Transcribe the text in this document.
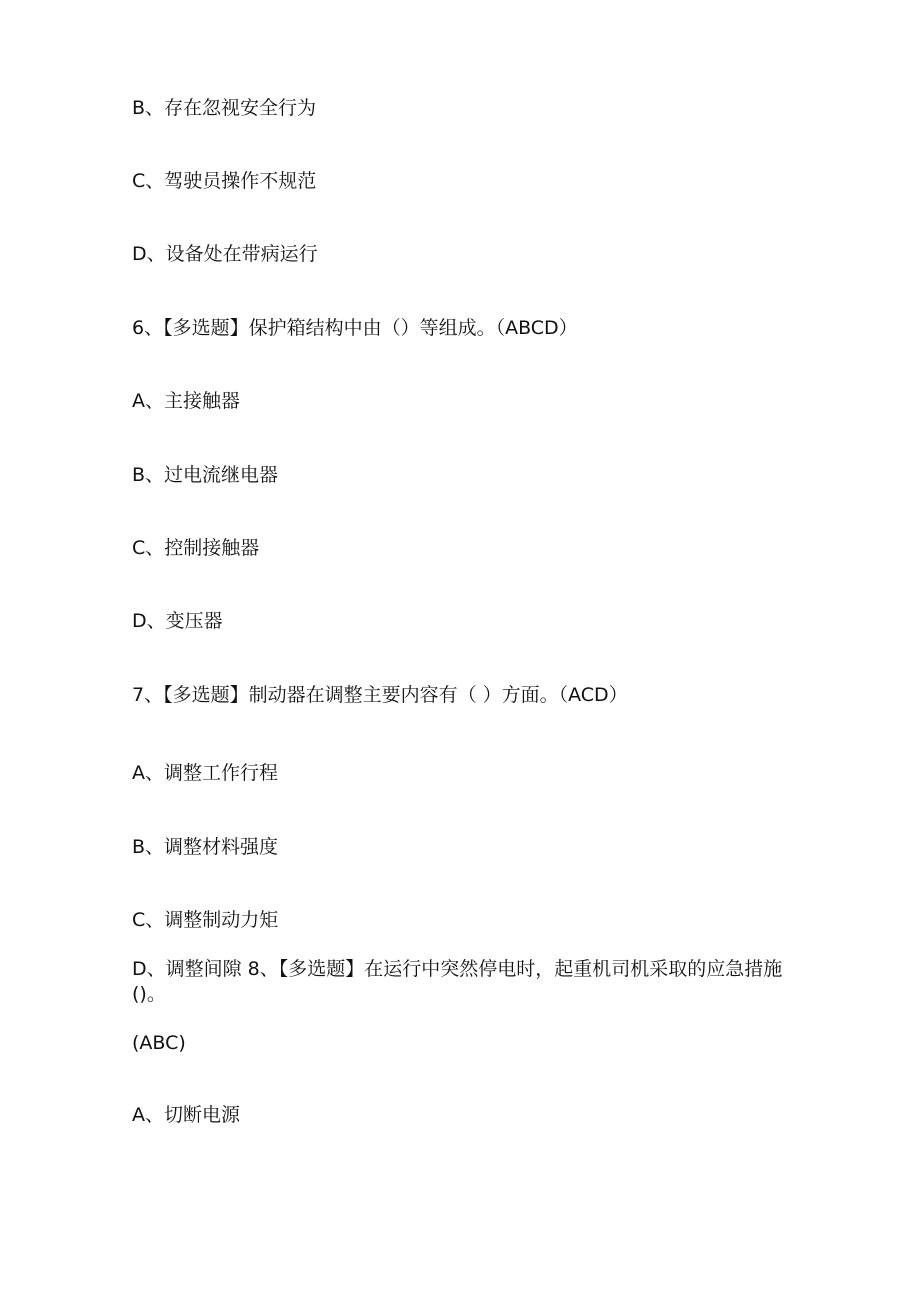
B、存在忽视安全行为
C、驾驶员操作不规范
D、设备处在带病运行
6、【多选题】保护箱结构中由（）等组成。（ABCD）
A、主接触器
B、过电流继电器
C、控制接触器
D、变压器
7、【多选题】制动器在调整主要内容有（ ）方面。（ACD）
A、调整工作行程
B、调整材料强度
C、调整制动力矩
D、调整间隙 8、【多选题】在运行中突然停电时，起重机司机采取的应急措施()。
(ABC)
A、切断电源
